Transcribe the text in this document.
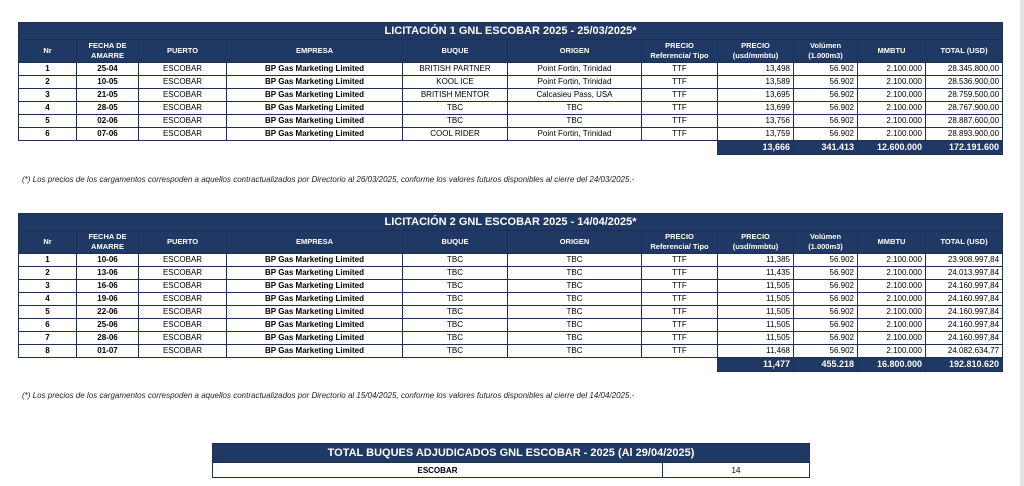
LICITACIÓN 1 GNL ESCOBAR 2025 - 25/03/2025*										
Nr	FECHA DE AMARRE	PUERTO	EMPRESA	BUQUE	ORIGEN	PRECIO Referencia/ Tipo	PRECIO (usd/mmbtu)	Volúmen (1.000m3)	MMBTU	TOTAL (USD)
1	25-04	ESCOBAR	BP Gas Marketing Limited	BRITISH PARTNER	Point Fortin, Trinidad	TTF	13,498	56.902	2.100.000	28.345.800,00
2	10-05	ESCOBAR	BP Gas Marketing Limited	KOOL ICE	Point Fortin, Trinidad	TTF	13,589	56.902	2.100.000	28.536.900,00
3	21-05	ESCOBAR	BP Gas Marketing Limited	BRITISH MENTOR	Calcasieu Pass, USA	TTF	13,695	56.902	2.100.000	28.759.500,00
4	28-05	ESCOBAR	BP Gas Marketing Limited	TBC	TBC	TTF	13,699	56.902	2.100.000	28.767.900,00
5	02-06	ESCOBAR	BP Gas Marketing Limited	TBC	TBC	TTF	13,756	56.902	2.100.000	28.887.600,00
6	07-06	ESCOBAR	BP Gas Marketing Limited	COOL RIDER	Point Fortin, Trinidad	TTF	13,759	56.902	2.100.000	28.893.900,00
							13,666	341.413	12.600.000	172.191.600
(*) Los precios de los cargamentos correspoden a aquellos contractualizados por Directorio al 26/03/2025, conforme los valores futuros disponibles al cierre del 24/03/2025.-
LICITACIÓN 2 GNL ESCOBAR 2025 - 14/04/2025*										
Nr	FECHA DE AMARRE	PUERTO	EMPRESA	BUQUE	ORIGEN	PRECIO Referencia/ Tipo	PRECIO (usd/mmbtu)	Volúmen (1.000m3)	MMBTU	TOTAL (USD)
1	10-06	ESCOBAR	BP Gas Marketing Limited	TBC	TBC	TTF	11,385	56.902	2.100.000	23.908.997,84
2	13-06	ESCOBAR	BP Gas Marketing Limited	TBC	TBC	TTF	11,435	56.902	2.100.000	24.013.997,84
3	16-06	ESCOBAR	BP Gas Marketing Limited	TBC	TBC	TTF	11,505	56.902	2.100.000	24.160.997,84
4	19-06	ESCOBAR	BP Gas Marketing Limited	TBC	TBC	TTF	11,505	56.902	2.100.000	24.160.997,84
5	22-06	ESCOBAR	BP Gas Marketing Limited	TBC	TBC	TTF	11,505	56.902	2.100.000	24.160.997,84
6	25-06	ESCOBAR	BP Gas Marketing Limited	TBC	TBC	TTF	11,505	56.902	2.100.000	24.160.997,84
7	28-06	ESCOBAR	BP Gas Marketing Limited	TBC	TBC	TTF	11,505	56.902	2.100.000	24.160.997,84
8	01-07	ESCOBAR	BP Gas Marketing Limited	TBC	TBC	TTF	11,468	56.902	2.100.000	24.082.634,77
							11,477	455.218	16.800.000	192.810.620
(*) Los precios de los cargamentos correspoden a aquellos contractualizados por Directorio al 15/04/2025, conforme los valores futuros disponibles al cierre del 14/04/2025.-
TOTAL BUQUES ADJUDICADOS GNL ESCOBAR - 2025 (Al 29/04/2025)
ESCOBAR	14
